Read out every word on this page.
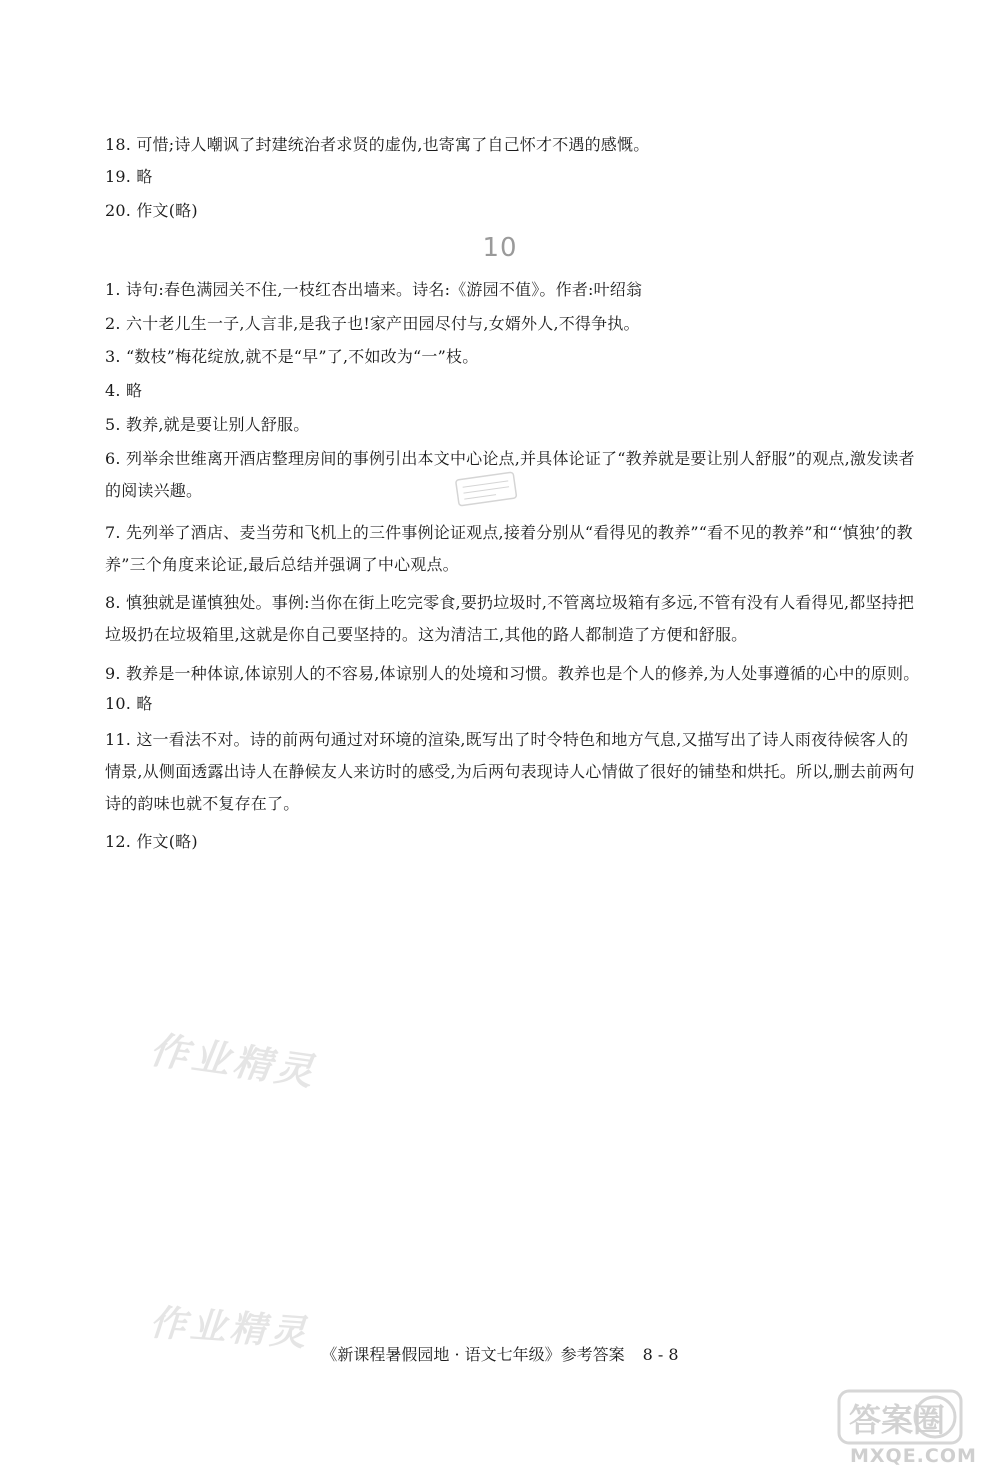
18. 可惜;诗人嘲讽了封建统治者求贤的虚伪,也寄寓了自己怀才不遇的感慨。

19. 略

20. 作文(略)

10

1. 诗句:春色满园关不住,一枝红杏出墙来。诗名:《游园不值》。作者:叶绍翁

2. 六十老儿生一子,人言非,是我子也!家产田园尽付与,女婿外人,不得争执。

3. “数枝”梅花绽放,就不是“早”了,不如改为“一”枝。

4. 略

5. 教养,就是要让别人舒服。

6. 列举余世维离开酒店整理房间的事例引出本文中心论点,并具体论证了“教养就是要让别人舒服”的观点,激发读者的阅读兴趣。

7. 先列举了酒店、麦当劳和飞机上的三件事例论证观点,接着分别从“看得见的教养”“看不见的教养”和“‘慎独’的教养”三个角度来论证,最后总结并强调了中心观点。

8. 慎独就是谨慎独处。事例:当你在街上吃完零食,要扔垃圾时,不管离垃圾箱有多远,不管有没有人看得见,都坚持把垃圾扔在垃圾箱里,这就是你自己要坚持的。这为清洁工,其他的路人都制造了方便和舒服。

9. 教养是一种体谅,体谅别人的不容易,体谅别人的处境和习惯。教养也是个人的修养,为人处事遵循的心中的原则。

10. 略

11. 这一看法不对。诗的前两句通过对环境的渲染,既写出了时令特色和地方气息,又描写出了诗人雨夜待候客人的情景,从侧面透露出诗人在静候友人来访时的感受,为后两句表现诗人心情做了很好的铺垫和烘托。所以,删去前两句诗的韵味也就不复存在了。

12. 作文(略)

作业精灵
作业精灵 《新课程暑假园地 · 语文七年级》参考答案 8 - 8
答案圈
MXQE.COM
